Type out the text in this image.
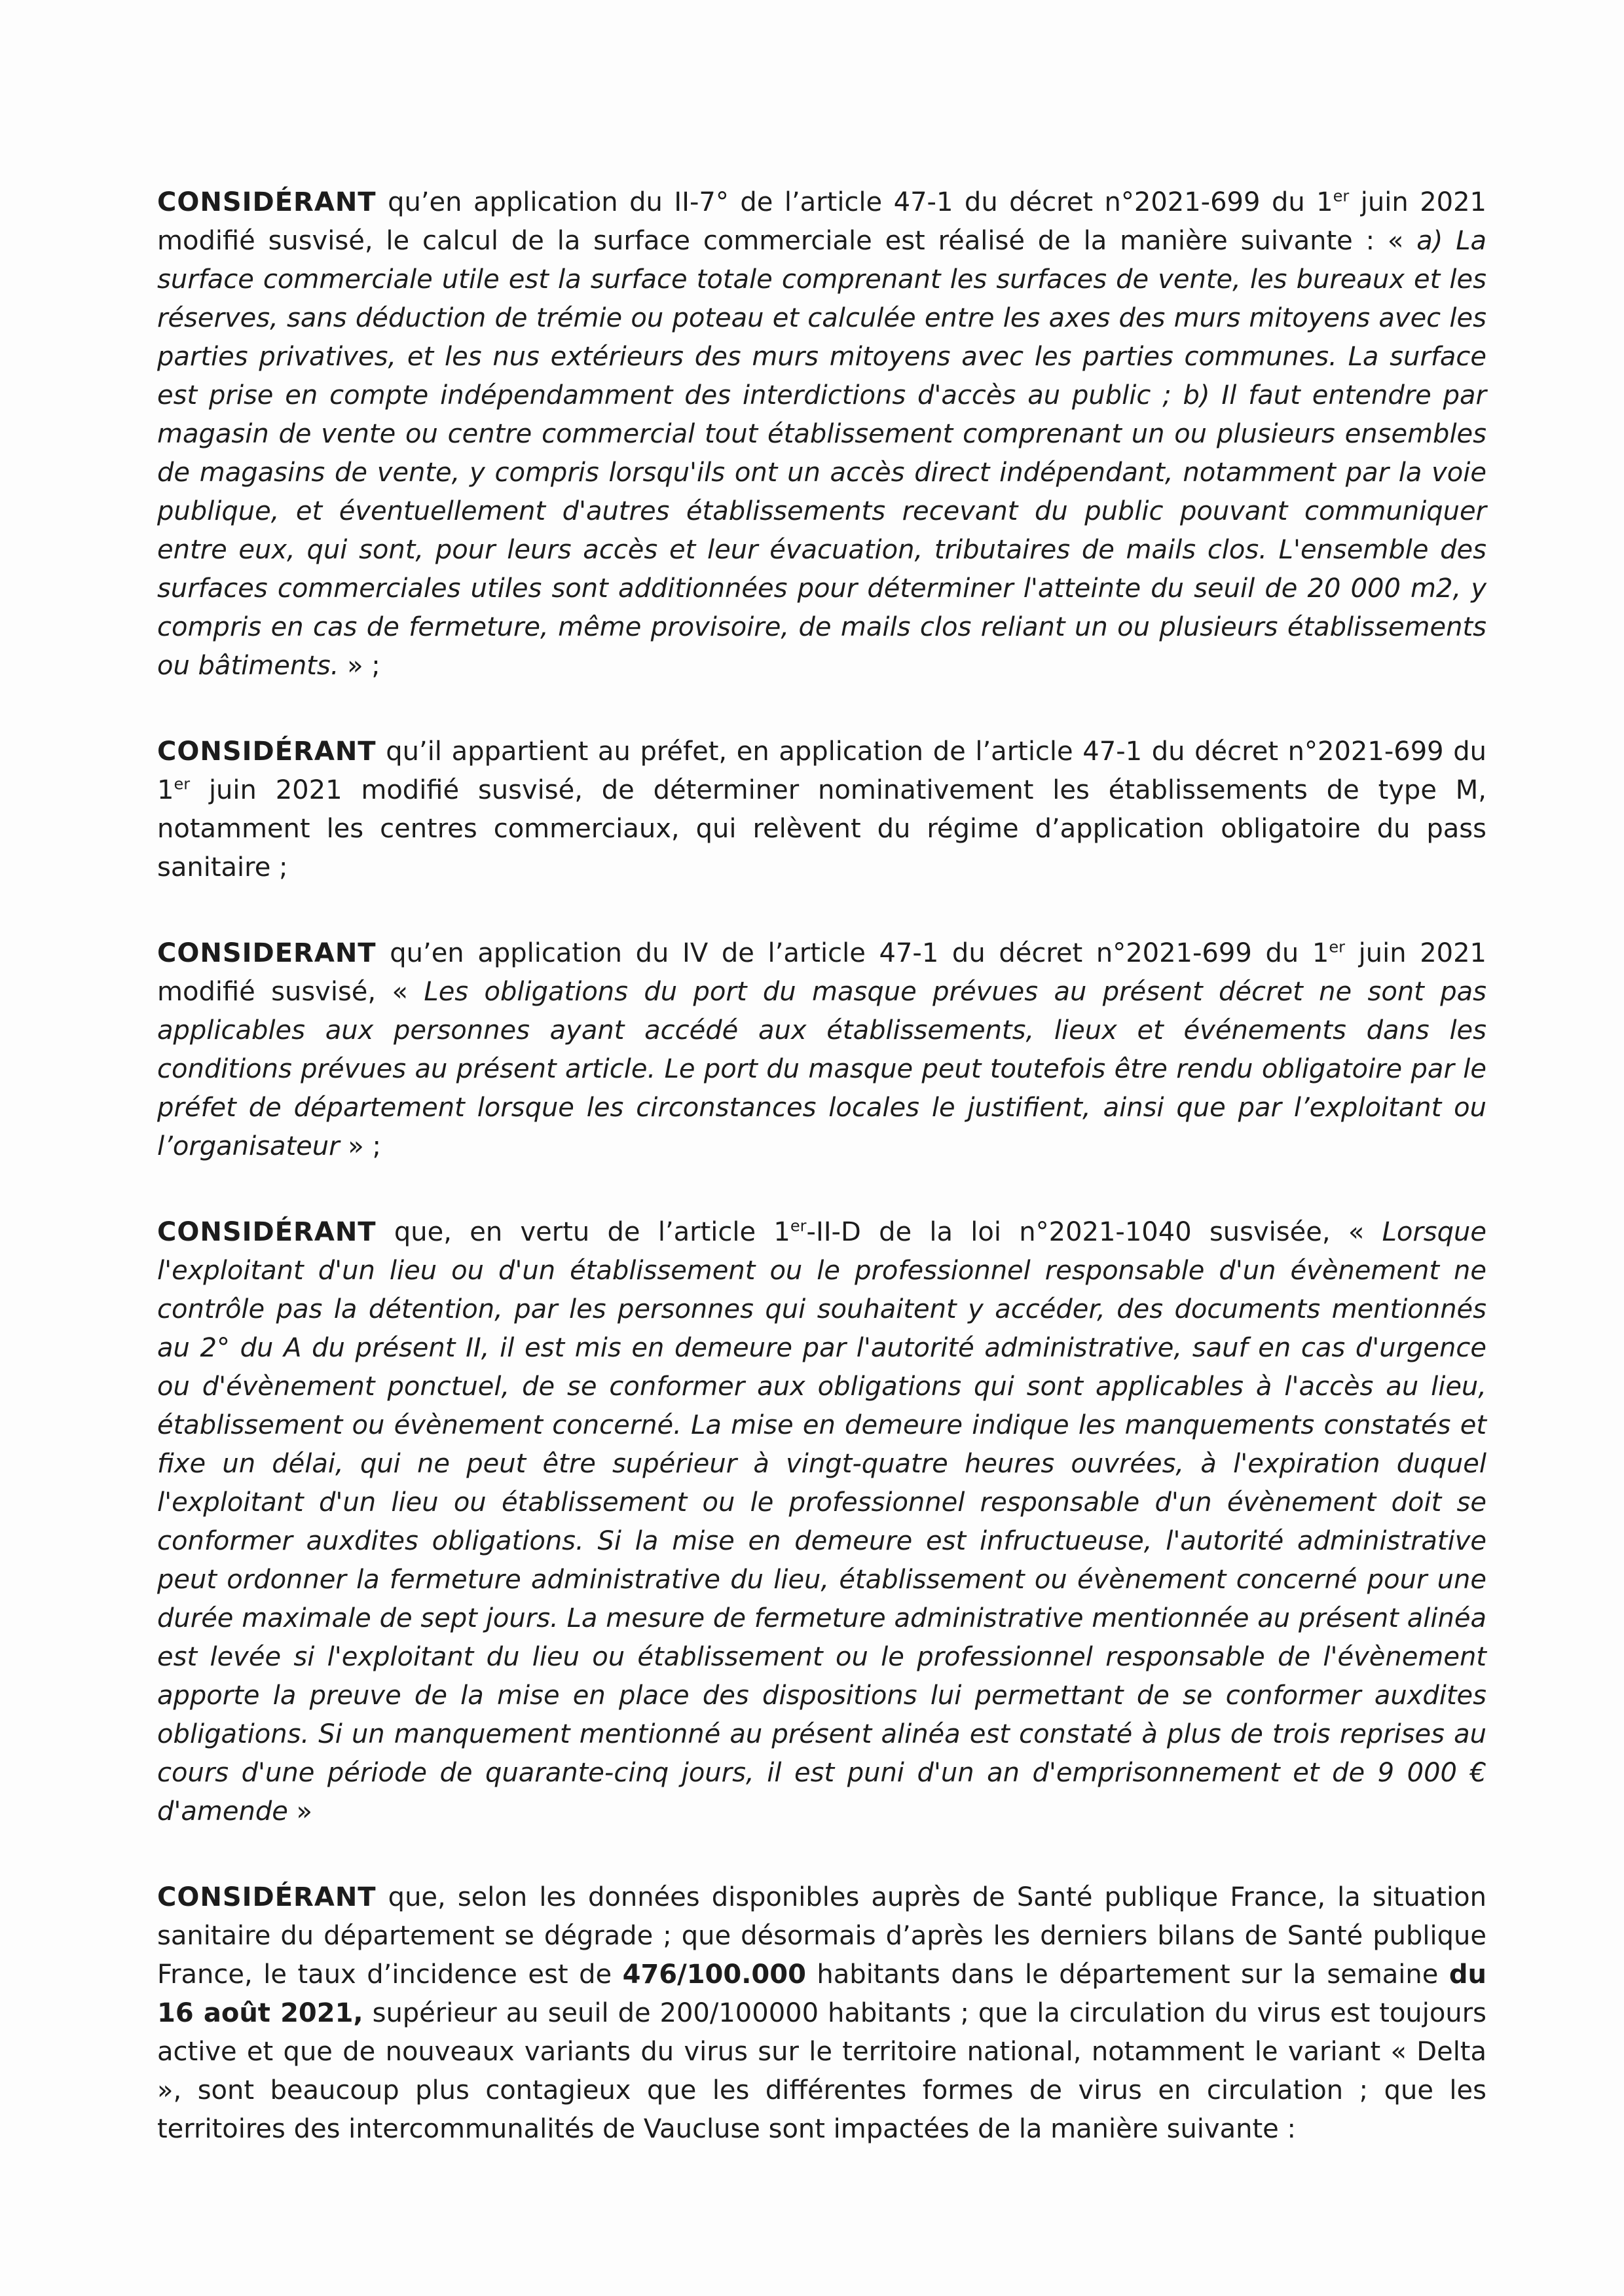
CONSIDÉRANT qu’en application du II-7° de l’article 47-1 du décret n°2021-699 du 1er juin 2021 modifié susvisé, le calcul de la surface commerciale est réalisé de la manière suivante : « a) La surface commerciale utile est la surface totale comprenant les surfaces de vente, les bureaux et les réserves, sans déduction de trémie ou poteau et calculée entre les axes des murs mitoyens avec les parties privatives, et les nus extérieurs des murs mitoyens avec les parties communes. La surface est prise en compte indépendamment des interdictions d'accès au public ; b) Il faut entendre par magasin de vente ou centre commercial tout établissement comprenant un ou plusieurs ensembles de magasins de vente, y compris lorsqu'ils ont un accès direct indépendant, notamment par la voie publique, et éventuellement d'autres établissements recevant du public pouvant communiquer entre eux, qui sont, pour leurs accès et leur évacuation, tributaires de mails clos. L'ensemble des surfaces commerciales utiles sont additionnées pour déterminer l'atteinte du seuil de 20 000 m2, y compris en cas de fermeture, même provisoire, de mails clos reliant un ou plusieurs établissements ou bâtiments. » ;

CONSIDÉRANT qu’il appartient au préfet, en application de l’article 47-1 du décret n°2021-699 du 1er juin 2021 modifié susvisé, de déterminer nominativement les établissements de type M, notamment les centres commerciaux, qui relèvent du régime d’application obligatoire du pass sanitaire ;

CONSIDERANT qu’en application du IV de l’article 47-1 du décret n°2021-699 du 1er juin 2021 modifié susvisé, « Les obligations du port du masque prévues au présent décret ne sont pas applicables aux personnes ayant accédé aux établissements, lieux et événements dans les conditions prévues au présent article. Le port du masque peut toutefois être rendu obligatoire par le préfet de département lorsque les circonstances locales le justifient, ainsi que par l’exploitant ou l’organisateur » ;

CONSIDÉRANT que, en vertu de l’article 1er-II-D de la loi n°2021-1040 susvisée, « Lorsque l'exploitant d'un lieu ou d'un établissement ou le professionnel responsable d'un évènement ne contrôle pas la détention, par les personnes qui souhaitent y accéder, des documents mentionnés au 2° du A du présent II, il est mis en demeure par l'autorité administrative, sauf en cas d'urgence ou d'évènement ponctuel, de se conformer aux obligations qui sont applicables à l'accès au lieu, établissement ou évènement concerné. La mise en demeure indique les manquements constatés et fixe un délai, qui ne peut être supérieur à vingt-quatre heures ouvrées, à l'expiration duquel l'exploitant d'un lieu ou établissement ou le professionnel responsable d'un évènement doit se conformer auxdites obligations. Si la mise en demeure est infructueuse, l'autorité administrative peut ordonner la fermeture administrative du lieu, établissement ou évènement concerné pour une durée maximale de sept jours. La mesure de fermeture administrative mentionnée au présent alinéa est levée si l'exploitant du lieu ou établissement ou le professionnel responsable de l'évènement apporte la preuve de la mise en place des dispositions lui permettant de se conformer auxdites obligations. Si un manquement mentionné au présent alinéa est constaté à plus de trois reprises au cours d'une période de quarante-cinq jours, il est puni d'un an d'emprisonnement et de 9 000 € d'amende »

CONSIDÉRANT que, selon les données disponibles auprès de Santé publique France, la situation sanitaire du département se dégrade ; que désormais d’après les derniers bilans de Santé publique France, le taux d’incidence est de 476/100.000 habitants dans le département sur la semaine du 16 août 2021, supérieur au seuil de 200/100000 habitants ; que la circulation du virus est toujours active et que de nouveaux variants du virus sur le territoire national, notamment le variant « Delta », sont beaucoup plus contagieux que les différentes formes de virus en circulation ; que les territoires des intercommunalités de Vaucluse sont impactées de la manière suivante :
